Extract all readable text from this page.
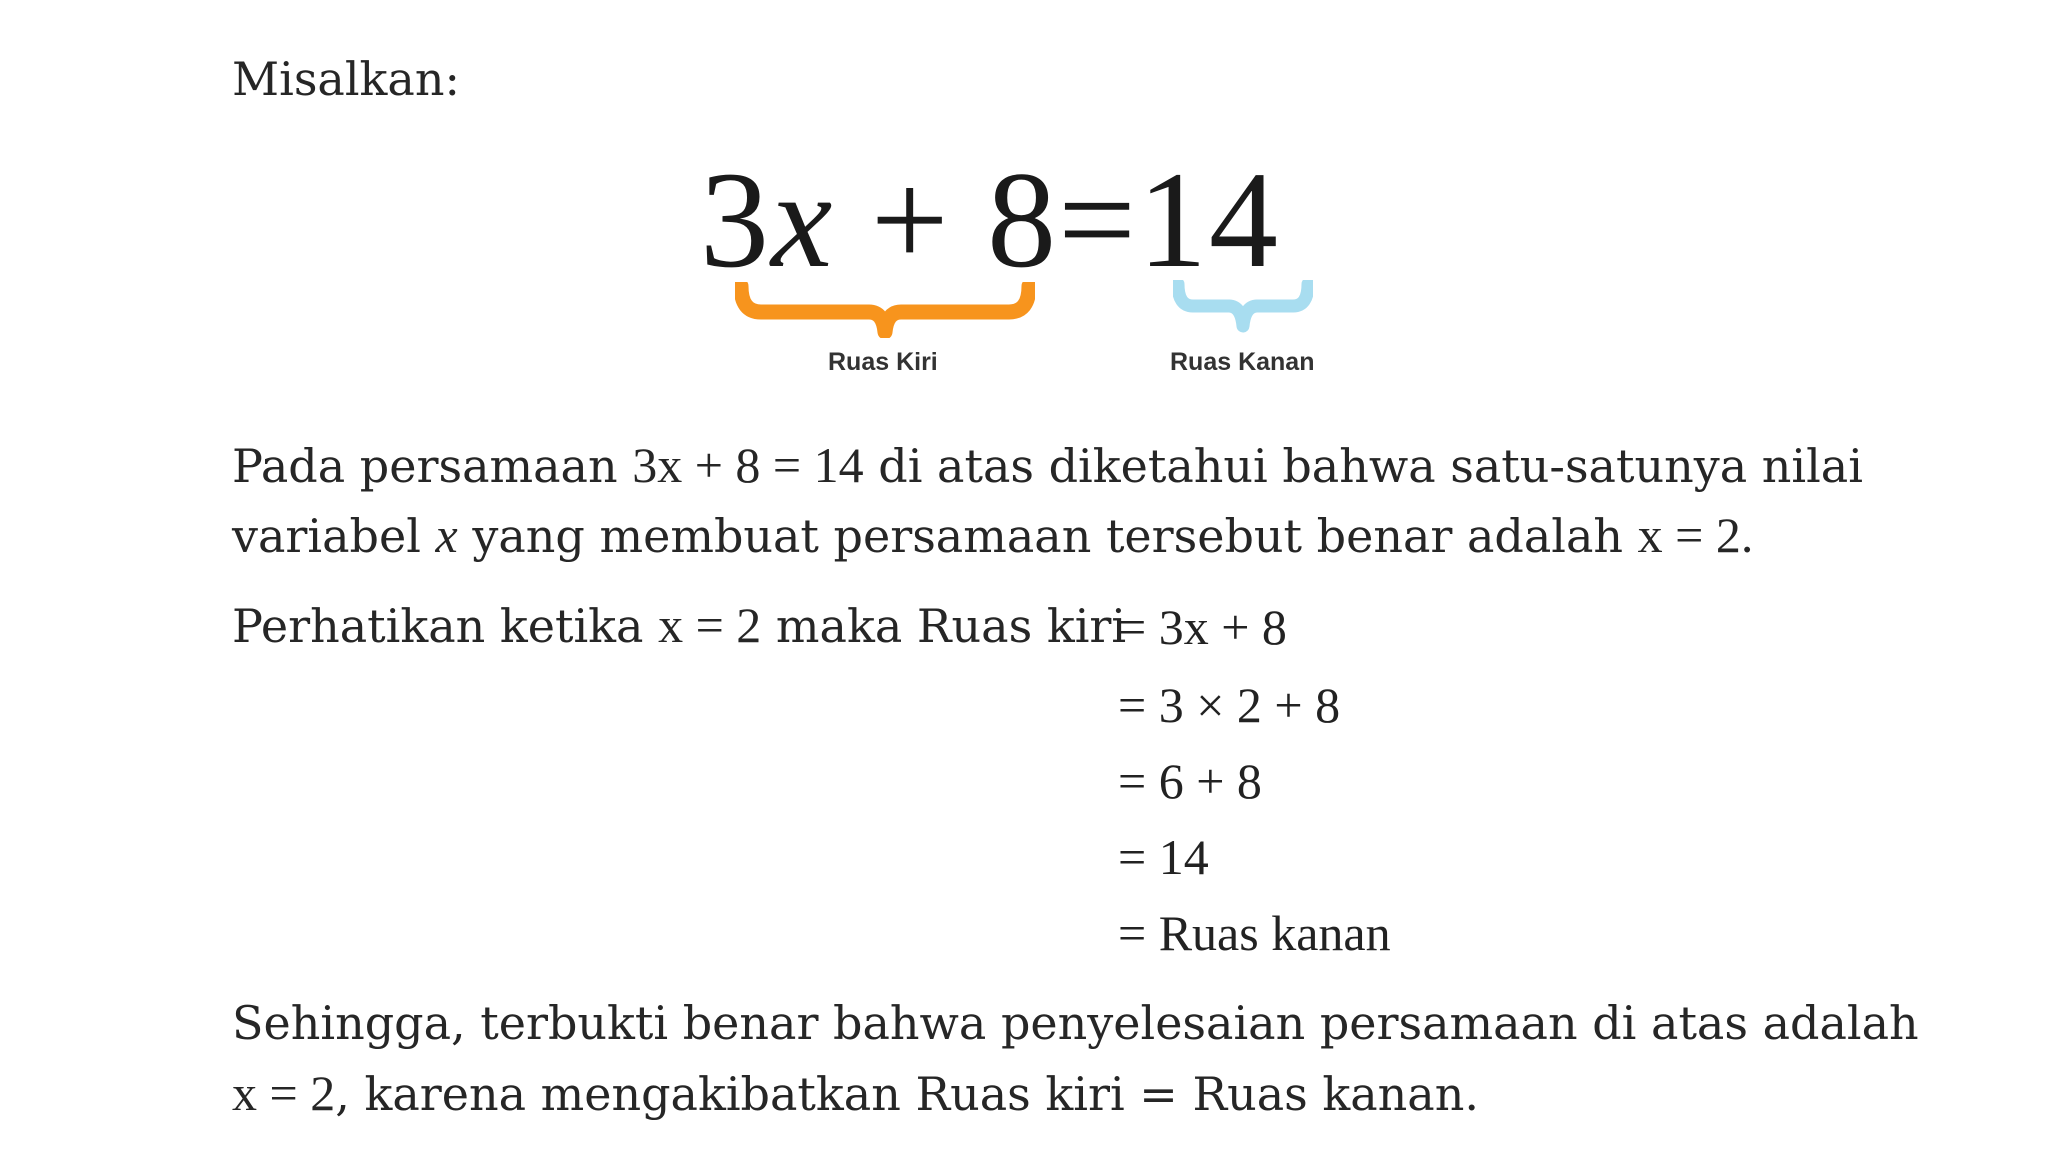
Misalkan:
3x + 8=14
Ruas Kiri	Ruas Kanan
Pada persamaan 3x + 8 = 14 di atas diketahui bahwa satu-satunya nilai
variabel x yang membuat persamaan tersebut benar adalah x = 2.
Perhatikan ketika x = 2 maka Ruas kiri
= 3x + 8
= 3 × 2 + 8
= 6 + 8
= 14
= Ruas kanan
Sehingga, terbukti benar bahwa penyelesaian persamaan di atas adalah
x = 2, karena mengakibatkan Ruas kiri = Ruas kanan.
